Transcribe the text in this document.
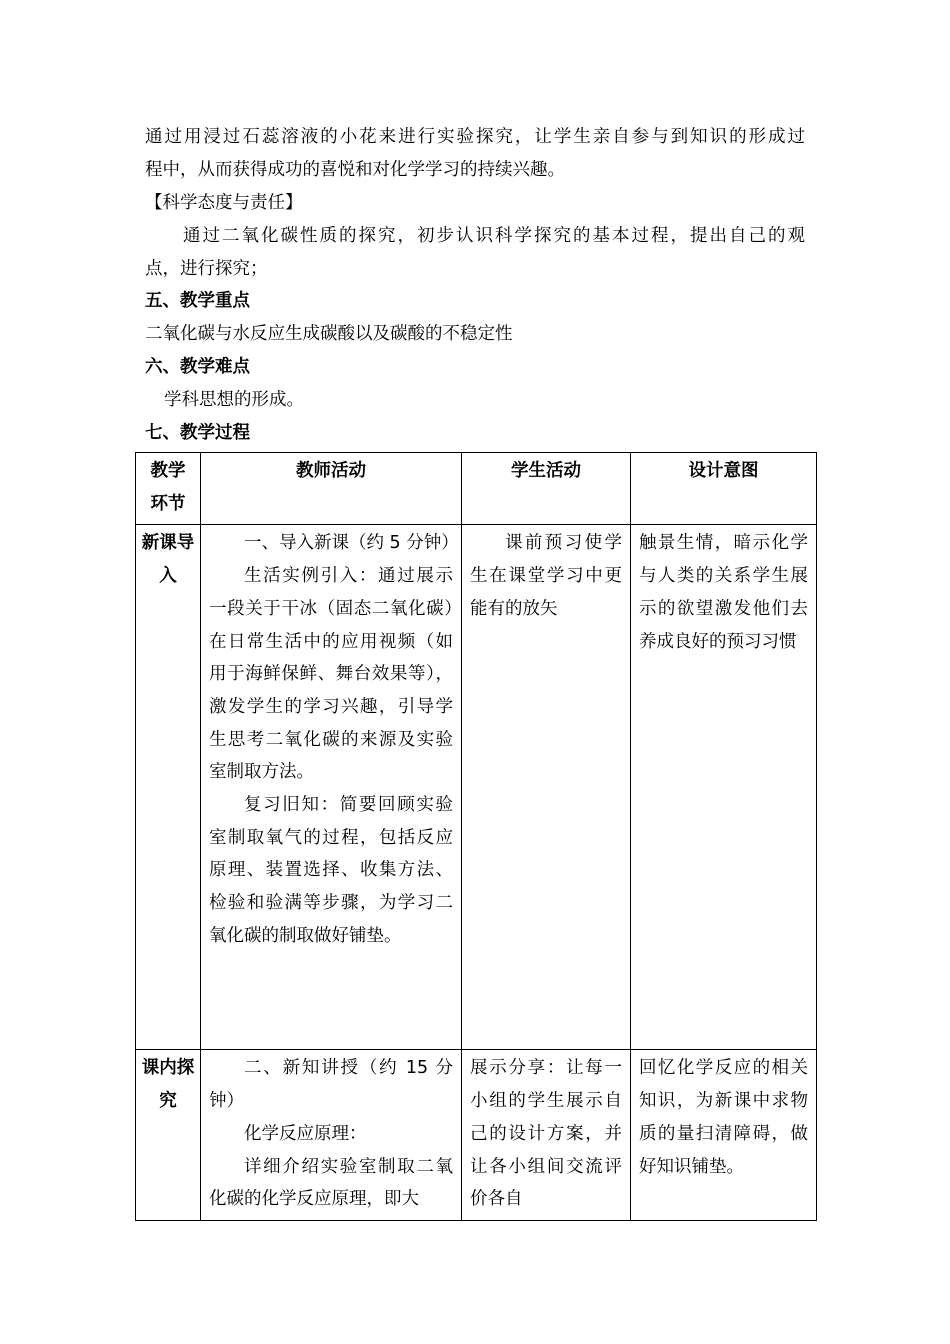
通过用浸过石蕊溶液的小花来进行实验探究，让学生亲自参与到知识的形成过
程中，从而获得成功的喜悦和对化学学习的持续兴趣。
【科学态度与责任】
通过二氧化碳性质的探究，初步认识科学探究的基本过程，提出自己的观
点，进行探究；
五、教学重点
二氧化碳与水反应生成碳酸以及碳酸的不稳定性
六、教学难点
学科思想的形成。
七、教学过程
教学环节	教师活动	学生活动	设计意图
新课导入	一、导入新课（约 5 分钟）
生活实例引入：通过展示一段关于干冰（固态二氧化碳）在日常生活中的应用视频（如用于海鲜保鲜、舞台效果等），激发学生的学习兴趣，引导学生思考二氧化碳的来源及实验室制取方法。
复习旧知：简要回顾实验室制取氧气的过程，包括反应原理、装置选择、收集方法、检验和验满等步骤，为学习二氧化碳的制取做好铺垫。	课前预习使学生在课堂学习中更能有的放矢	触景生情，暗示化学与人类的关系学生展示的欲望激发他们去养成良好的预习习惯

课内探究	二、新知讲授（约 15 分钟）
化学反应原理：
详细介绍实验室制取二氧化碳的化学反应原理，即大	展示分享：让每一小组的学生展示自己的设计方案，并让各小组间交流评价各自	回忆化学反应的相关知识，为新课中求物质的量扫清障碍，做好知识铺垫。
